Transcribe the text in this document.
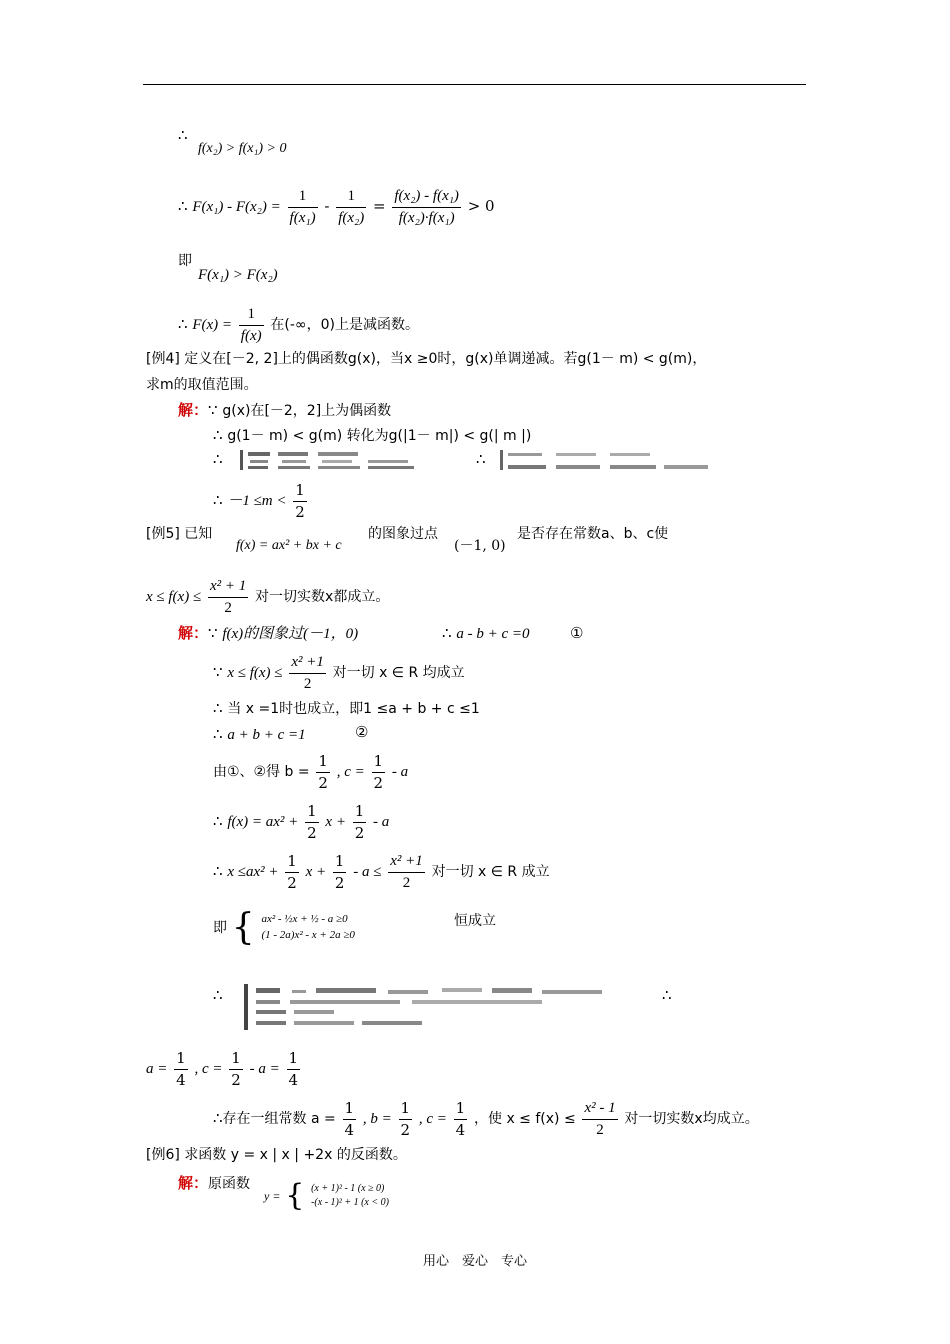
∴
f(x₂) > f(x₁) > 0
∴ $F(x_1) - F(x_2) = \frac{1}{\text{f(x₁)}} - \frac{1}{\text{f(x₂)}} = \frac{\text{f(x₂) - f(x₁)}}{\text{f(x₂)·f(x₁)}} > 0$
即
F(x₁) > F(x₂)
∴ $F(x) = \frac{1}{f(x)}$ 在(-∞，0)上是减函数。
[例4] 定义在[－2, 2]上的偶函数g(x)，当x ≥0时，g(x)单调递减。若g(1－ m) < g(m)，
求m的取值范围。
解：∵ g(x)在[－2，2]上为偶函数
∴ g(1－ m) < g(m) 转化为g(|1－ m|) < g(| m |)
∴	∴
∴ $-1 \le m < \frac{1}{2}$
[例5] 已知
f(x) = ax² + bx + c
的图象过点
(－1, 0)
是否存在常数a、b、c使
$x \le f(x) \le \frac{\text{x² + 1}}{2}$ 对一切实数x都成立。
解：∵ f(x)的图象过(－1，0)	∴ a - b + c =0	①
∵ $x \le f(x) \le \frac{\text{x² +1}}{2}$ 对一切 x ∈ R 均成立
∴ 当 x =1时也成立，即1 ≤a + b + c ≤1
∴ a + b + c =1	②
由①、②得 $b = \frac{1}{2}$ , $c = \frac{1}{2} - a$
∴ $f(x) = ax^2 + \frac{1}{2}$ $x + \frac{1}{2} - a$
∴ $x \le ax^2 + \frac{1}{2}$ $x + \frac{1}{2} - a \le \frac{\text{x² +1}}{2}$ 对一切 x ∈ R 成立
即 { ax² - ½x + ½ - a ≥0
(1 - 2a)x² - x + 2a ≥0
恒成立
∴	∴
$a = \frac{1}{4}$ , $c = \frac{1}{2} - a = \frac{1}{4}$
∴存在一组常数 $a = \frac{1}{4}$ , $b = \frac{1}{2}$ , $c = \frac{1}{4}$ ，使 $x \le f(x) \le \frac{\text{x² - 1}}{2}$ 对一切实数x均成立。
[例6] 求函数 y = x | x | +2x 的反函数。
解：原函数
y = { (x + 1)² - 1 (x ≥ 0)
-(x - 1)² + 1 (x < 0)
用心　爱心　专心
